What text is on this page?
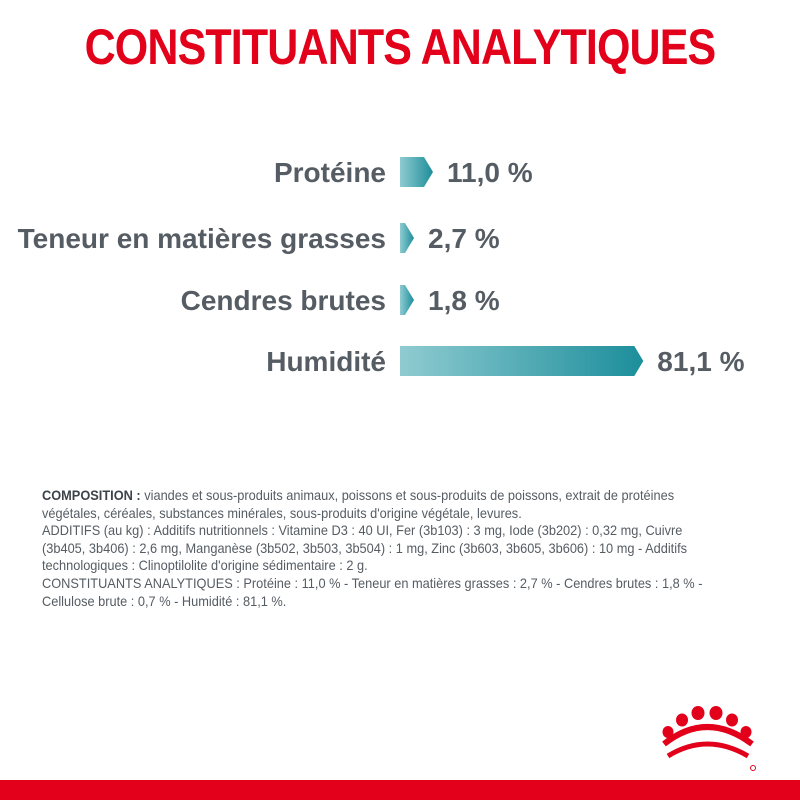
CONSTITUANTS ANALYTIQUES
Protéine 11,0 %
Teneur en matières grasses 2,7 %
Cendres brutes 1,8 %
Humidité	81,1 %

COMPOSITION : viandes et sous-produits animaux, poissons et sous-produits de poissons, extrait de protéines végétales, céréales, substances minérales, sous-produits d'origine végétale, levures.

ADDITIFS (au kg) : Additifs nutritionnels : Vitamine D3 : 40 UI, Fer (3b103) : 3 mg, Iode (3b202) : 0,32 mg, Cuivre (3b405, 3b406) : 2,6 mg, Manganèse (3b502, 3b503, 3b504) : 1 mg, Zinc (3b603, 3b605, 3b606) : 10 mg - Additifs technologiques : Clinoptilolite d'origine sédimentaire : 2 g.

CONSTITUANTS ANALYTIQUES : Protéine : 11,0 % - Teneur en matières grasses : 2,7 % - Cendres brutes : 1,8 % - Cellulose brute : 0,7 % - Humidité : 81,1 %.
